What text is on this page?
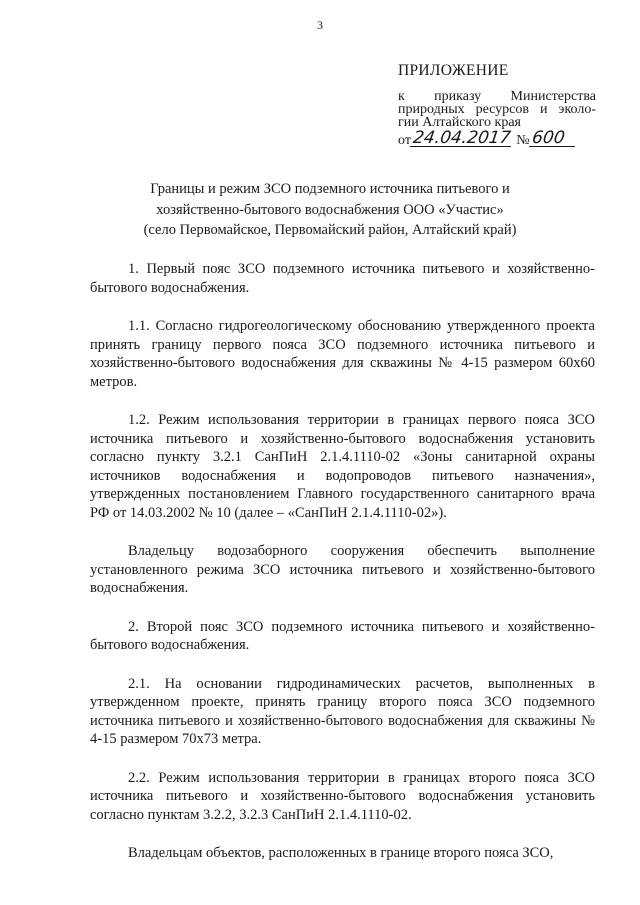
3
ПРИЛОЖЕНИЕ
к приказу Министерства
природных ресурсов и эколо-
гии Алтайского края
от 24.04.2017 № 600
Границы и режим ЗСО подземного источника питьевого и
хозяйственно-бытового водоснабжения ООО «Участис»
(село Первомайское, Первомайский район, Алтайский край)

1. Первый пояс ЗСО подземного источника питьевого и хозяйственно-бытового водоснабжения.

1.1. Согласно гидрогеологическому обоснованию утвержденного проекта принять границу первого пояса ЗСО подземного источника питьевого и хозяйственно-бытового водоснабжения для скважины № 4-15 размером 60х60 метров.

1.2. Режим использования территории в границах первого пояса ЗСО источника питьевого и хозяйственно-бытового водоснабжения установить согласно пункту 3.2.1 СанПиН 2.1.4.1110-02 «Зоны санитарной охраны источников водоснабжения и водопроводов питьевого назначения», утвержденных постановлением Главного государственного санитарного врача РФ от 14.03.2002 № 10 (далее – «СанПиН 2.1.4.1110-02»).

Владельцу водозаборного сооружения обеспечить выполнение установленного режима ЗСО источника питьевого и хозяйственно-бытового водоснабжения.

2. Второй пояс ЗСО подземного источника питьевого и хозяйственно-бытового водоснабжения.

2.1. На основании гидродинамических расчетов, выполненных в утвержденном проекте, принять границу второго пояса ЗСО подземного источника питьевого и хозяйственно-бытового водоснабжения для скважины № 4-15 размером 70х73 метра.

2.2. Режим использования территории в границах второго пояса ЗСО источника питьевого и хозяйственно-бытового водоснабжения установить согласно пунктам 3.2.2, 3.2.3 СанПиН 2.1.4.1110-02.

Владельцам объектов, расположенных в границе второго пояса ЗСО,
